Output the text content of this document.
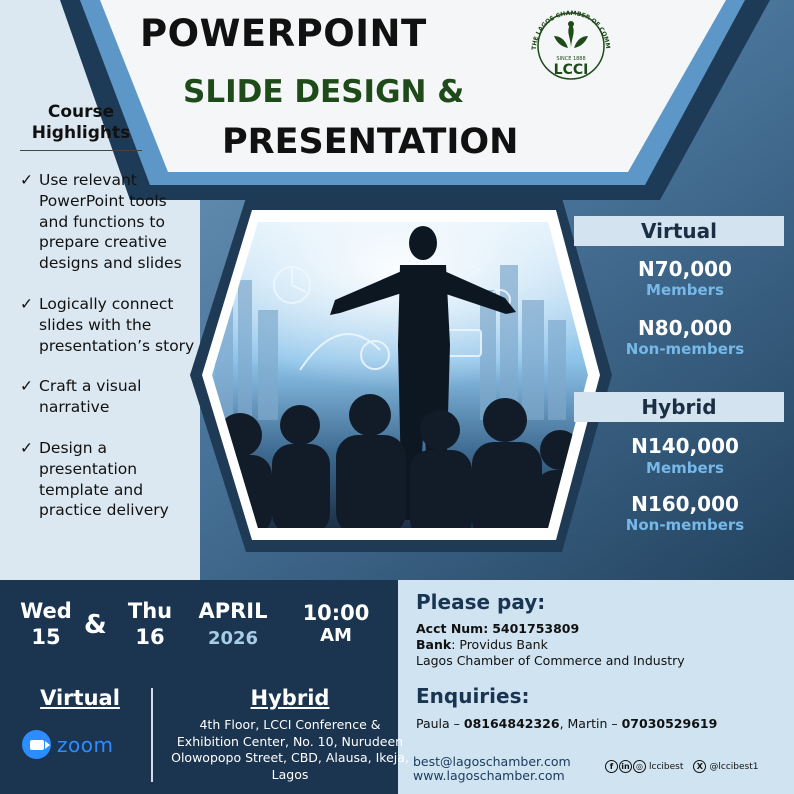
POWERPOINT
SLIDE DESIGN &
PRESENTATION
THE LAGOS CHAMBER OF COMM
SINCE 1888
LCCI
Course
Highlights
✓ Use relevant PowerPoint tools and functions to prepare creative designs and slides
✓ Logically connect slides with the presentation’s story
✓ Craft a visual narrative
✓ Design a presentation template and practice delivery
Virtual
N70,000
Members
N80,000
Non-members
Hybrid
N140,000
Members
N160,000
Non-members
Wed
15 & Thu
16
APRIL
2026
10:00
AM
Virtual
zoom
Hybrid
4th Floor, LCCI Conference & Exhibition Center, No. 10, Nurudeen Olowopopo Street, CBD, Alausa, Ikeja, Lagos
Please pay:
Acct Num: 5401753809
Bank: Providus Bank
Lagos Chamber of Commerce and Industry
Enquiries:
Paula – 08164842326, Martin – 07030529619
best@lagoschamber.com
www.lagoschamber.com
f	in ◎ lccibest	X @lccibest1
